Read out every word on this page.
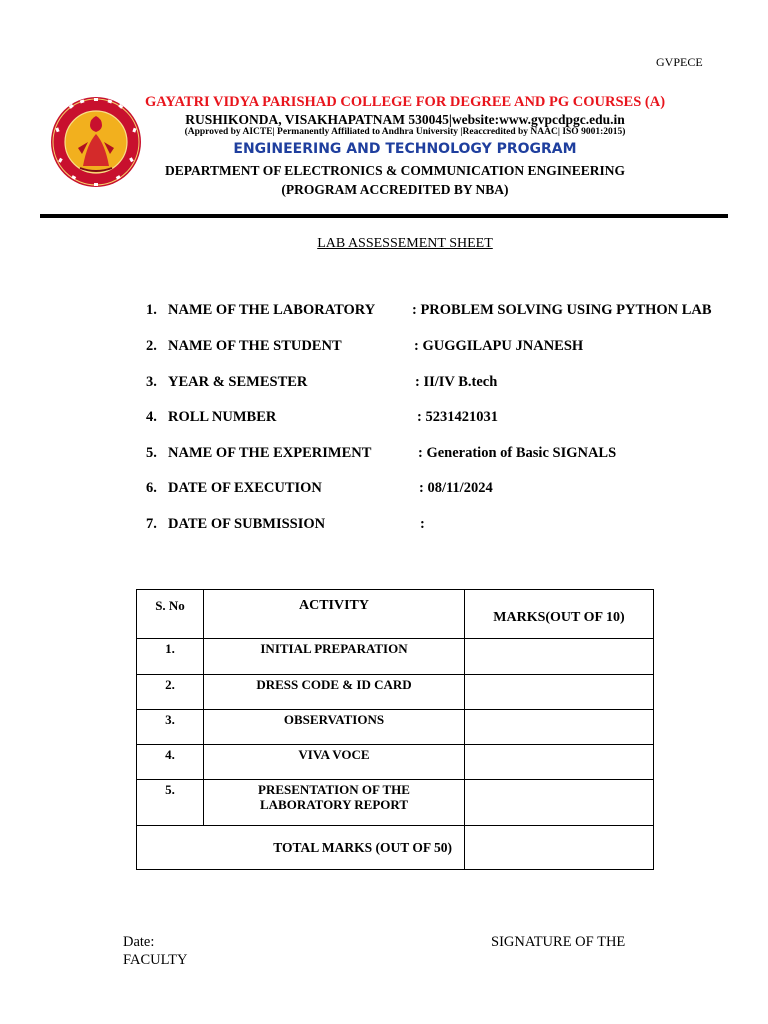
GVPECE
GAYATRI VIDYA PARISHAD COLLEGE FOR DEGREE AND PG COURSES (A)
RUSHIKONDA, VISAKHAPATNAM 530045|website:www.gvpcdpgc.edu.in
(Approved by AICTE| Permanently Affiliated to Andhra University |Reaccredited by NAAC| ISO 9001:2015)
ENGINEERING AND TECHNOLOGY PROGRAM
DEPARTMENT OF ELECTRONICS & COMMUNICATION ENGINEERING
(PROGRAM ACCREDITED BY NBA)
LAB ASSESSEMENT SHEET
1. NAME OF THE LABORATORY	: PROBLEM SOLVING USING PYTHON LAB
2. NAME OF THE STUDENT	: GUGGILAPU JNANESH
3. YEAR & SEMESTER	: II/IV B.tech
4. ROLL NUMBER	: 5231421031
5. NAME OF THE EXPERIMENT	: Generation of Basic SIGNALS
6. DATE OF EXECUTION	: 08/11/2024
7. DATE OF SUBMISSION	:
S. No	ACTIVITY	MARKS(OUT OF 10)
1.	INITIAL PREPARATION	
2.	DRESS CODE & ID CARD	
3.	OBSERVATIONS	
4.	VIVA VOCE	
5.	PRESENTATION OF THE
LABORATORY REPORT	

TOTAL MARKS (OUT OF 50)		
Date:
FACULTY
SIGNATURE OF THE
